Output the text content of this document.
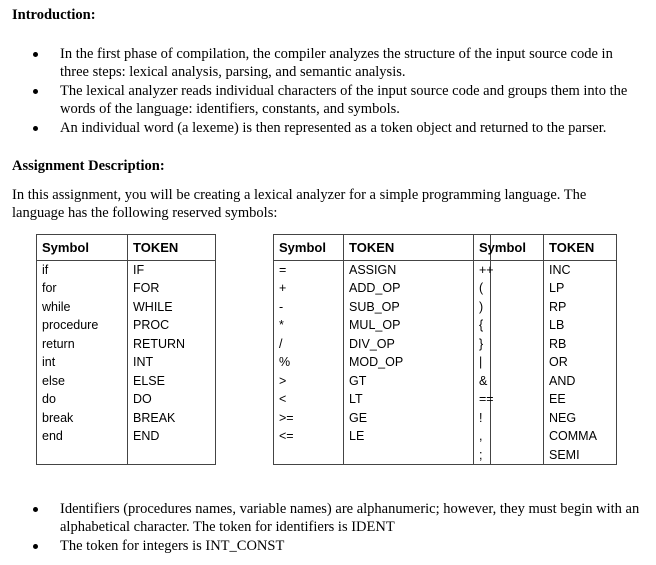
Introduction:
In the first phase of compilation, the compiler analyzes the structure of the input source code in three steps: lexical analysis, parsing, and semantic analysis.
The lexical analyzer reads individual characters of the input source code and groups them into the words of the language: identifiers, constants, and symbols.
An individual word (a lexeme) is then represented as a token object and returned to the parser.
Assignment Description:
In this assignment, you will be creating a lexical analyzer for a simple programming language. The language has the following reserved symbols:
Symbol	TOKEN
if	IF
for	FOR
while	WHILE
procedure	PROC
return	RETURN
int	INT
else	ELSE
do	DO
break	BREAK
end	END

Symbol	TOKEN
=	ASSIGN
+	ADD_OP
-	SUB_OP
*	MUL_OP
/	DIV_OP
%	MOD_OP
>	GT
<	LT
>=	GE
<=	LE

Symbol	TOKEN
++	INC
(	LP
)	RP
{	LB
}	RB
|	OR
&	AND
==	EE
!	NEG
,	COMMA
;	SEMI
Identifiers (procedures names, variable names) are alphanumeric; however, they must begin with an alphabetical character. The token for identifiers is IDENT
The token for integers is INT_CONST
